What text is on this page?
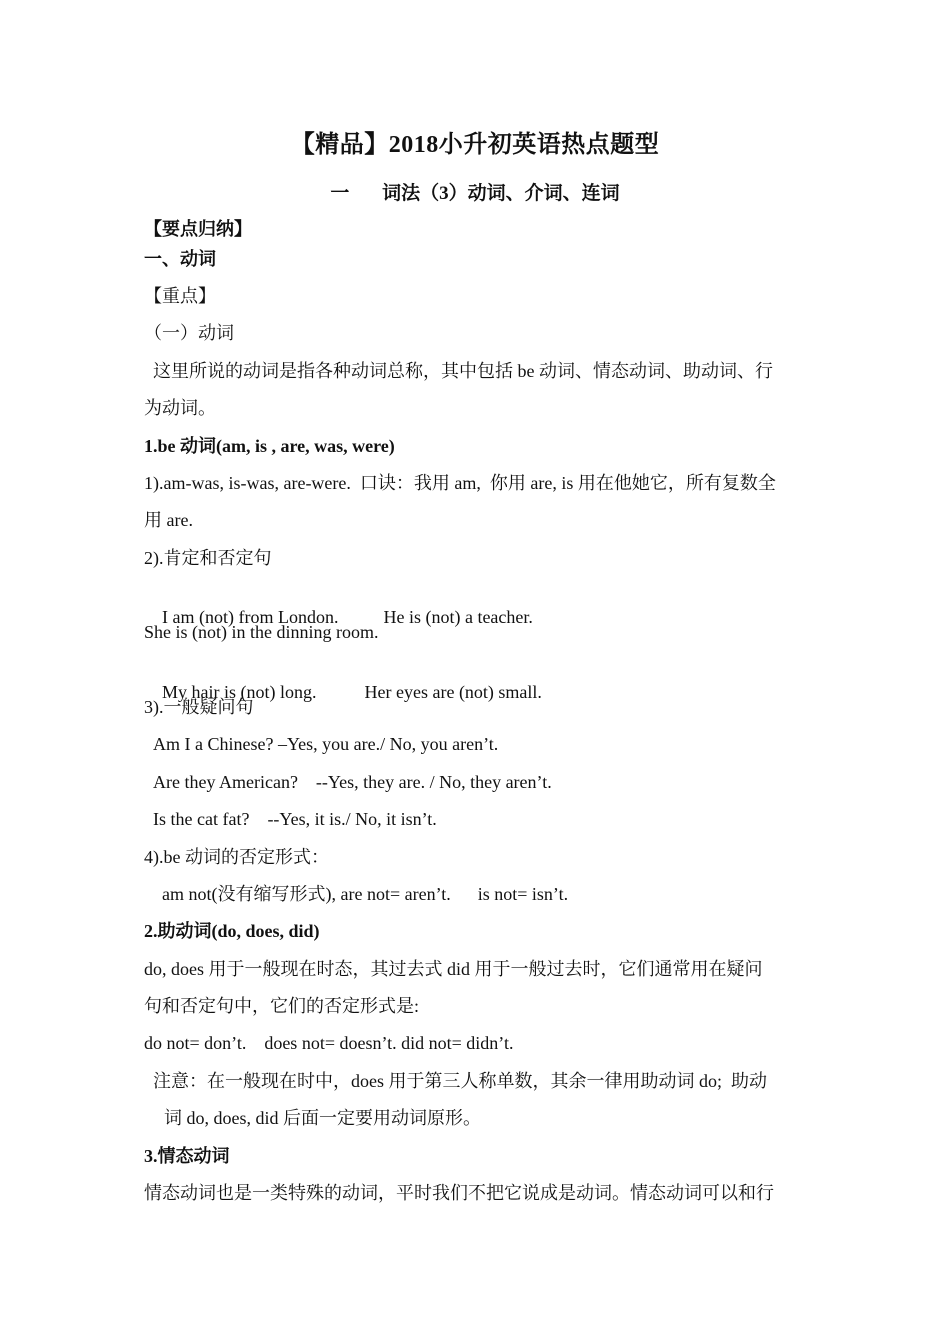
【精品】2018小升初英语热点题型
一 词法（3）动词、介词、连词
【要点归纳】
一、动词
【重点】
（一）动词
这里所说的动词是指各种动词总称，其中包括 be 动词、情态动词、助动词、行
为动词。
1.be 动词(am, is , are, was, were)
1).am-was, is-was, are-were.  口诀：我用 am,  你用 are, is 用在他她它，所有复数全
用 are.
2).肯定和否定句

I am (not) from London.	He is (not) a teacher.

She is (not) in the dinning room.

My hair is (not) long.	Her eyes are (not) small.

3).一般疑问句
Am I a Chinese? –Yes, you are./ No, you aren’t.
Are they American?    --Yes, they are. / No, they aren’t.
Is the cat fat?    --Yes, it is./ No, it isn’t.
4).be 动词的否定形式：
am not(没有缩写形式), are not= aren’t.      is not= isn’t.
2.助动词(do, does, did)
do, does 用于一般现在时态，其过去式 did 用于一般过去时，它们通常用在疑问
句和否定句中，它们的否定形式是:
do not= don’t.    does not= doesn’t. did not= didn’t.
注意：在一般现在时中，does 用于第三人称单数，其余一律用助动词 do;  助动
词 do, does, did 后面一定要用动词原形。
3.情态动词
情态动词也是一类特殊的动词，平时我们不把它说成是动词。情态动词可以和行
